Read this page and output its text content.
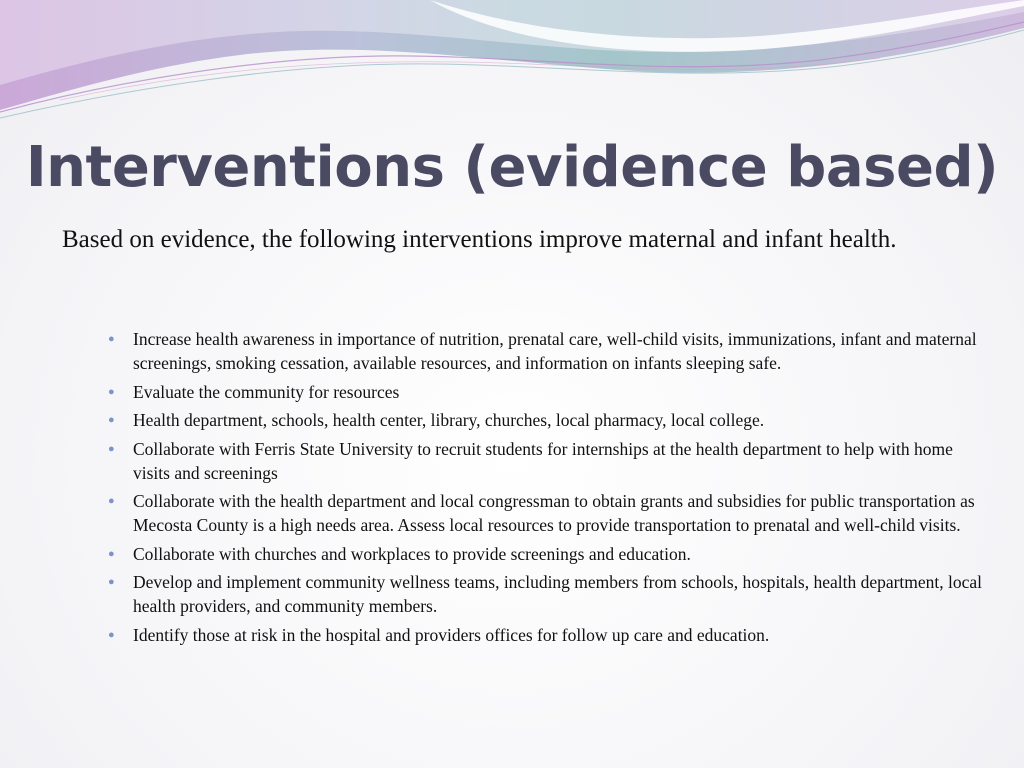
Interventions (evidence based)

Based on evidence, the following interventions improve maternal and infant health.

● Increase health awareness in importance of nutrition, prenatal care, well-child visits, immunizations, infant and maternal screenings, smoking cessation, available resources, and information on infants sleeping safe.
● Evaluate the community for resources
● Health department, schools, health center, library, churches, local pharmacy, local college.
● Collaborate with Ferris State University to recruit students for internships at the health department to help with home visits and screenings
● Collaborate with the health department and local congressman to obtain grants and subsidies for public transportation as Mecosta County is a high needs area. Assess local resources to provide transportation to prenatal and well-child visits.
● Collaborate with churches and workplaces to provide screenings and education.
● Develop and implement community wellness teams, including members from schools, hospitals, health department, local health providers, and community members.
● Identify those at risk in the hospital and providers offices for follow up care and education.
